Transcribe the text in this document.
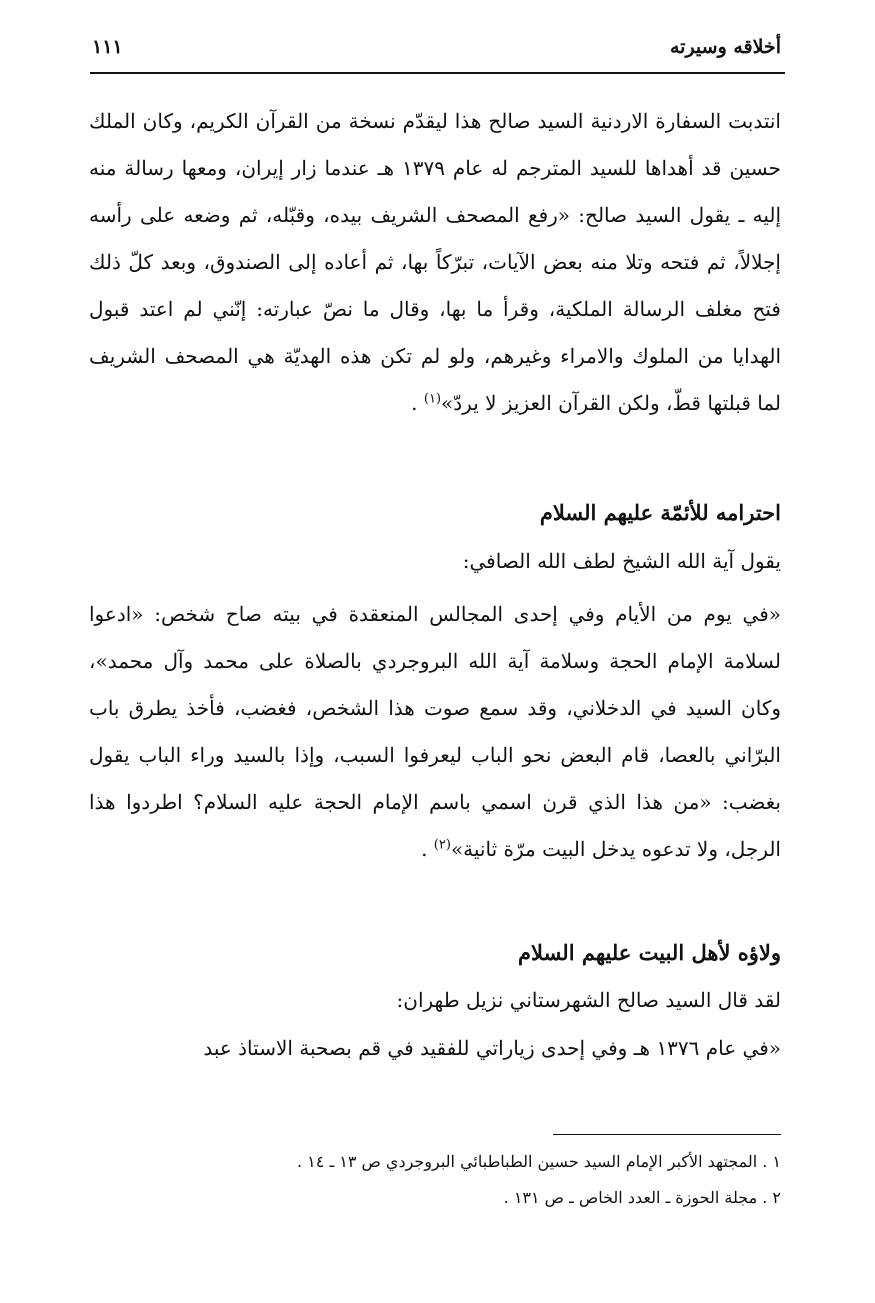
أخلاقه وسيرته
١١١
انتدبت السفارة الاردنية السيد صالح هذا ليقدّم نسخة من القرآن الكريم، وكان الملك حسين قد أهداها للسيد المترجم له عام ١٣٧٩ هـ عندما زار إيران، ومعها رسالة منه إليه ـ يقول السيد صالح: «رفع المصحف الشريف بيده، وقبّله، ثم وضعه على رأسه إجلالاً، ثم فتحه وتلا منه بعض الآيات، تبرّكاً بها، ثم أعاده إلى الصندوق، وبعد كلّ ذلك فتح مغلف الرسالة الملكية، وقرأ ما بها، وقال ما نصّ عبارته: إنّني لم اعتد قبول الهدايا من الملوك والامراء وغيرهم، ولو لم تكن هذه الهديّة هي المصحف الشريف لما قبلتها قطّ، ولكن القرآن العزيز لا يردّ»$^{(١)}$ .
احترامه للأئمّة عليهم السلام
يقول آية الله الشيخ لطف الله الصافي:
«في يوم من الأيام وفي إحدى المجالس المنعقدة في بيته صاح شخص: «ادعوا لسلامة الإمام الحجة وسلامة آية الله البروجردي بالصلاة على محمد وآل محمد»، وكان السيد في الدخلاني، وقد سمع صوت هذا الشخص، فغضب، فأخذ يطرق باب البرّاني بالعصا، قام البعض نحو الباب ليعرفوا السبب، وإذا بالسيد وراء الباب يقول بغضب: «من هذا الذي قرن اسمي باسم الإمام الحجة عليه السلام؟ اطردوا هذا الرجل، ولا تدعوه يدخل البيت مرّة ثانية»$^{(٢)}$ .
ولاؤه لأهل البيت عليهم السلام
لقد قال السيد صالح الشهرستاني نزيل طهران:
«في عام ١٣٧٦ هـ وفي إحدى زياراتي للفقيد في قم بصحبة الاستاذ عبد
١ . المجتهد الأكبر الإمام السيد حسين الطباطبائي البروجردي ص ١٣ ـ ١٤ .
٢ . مجلة الحوزة ـ العدد الخاص ـ ص ١٣١ .
